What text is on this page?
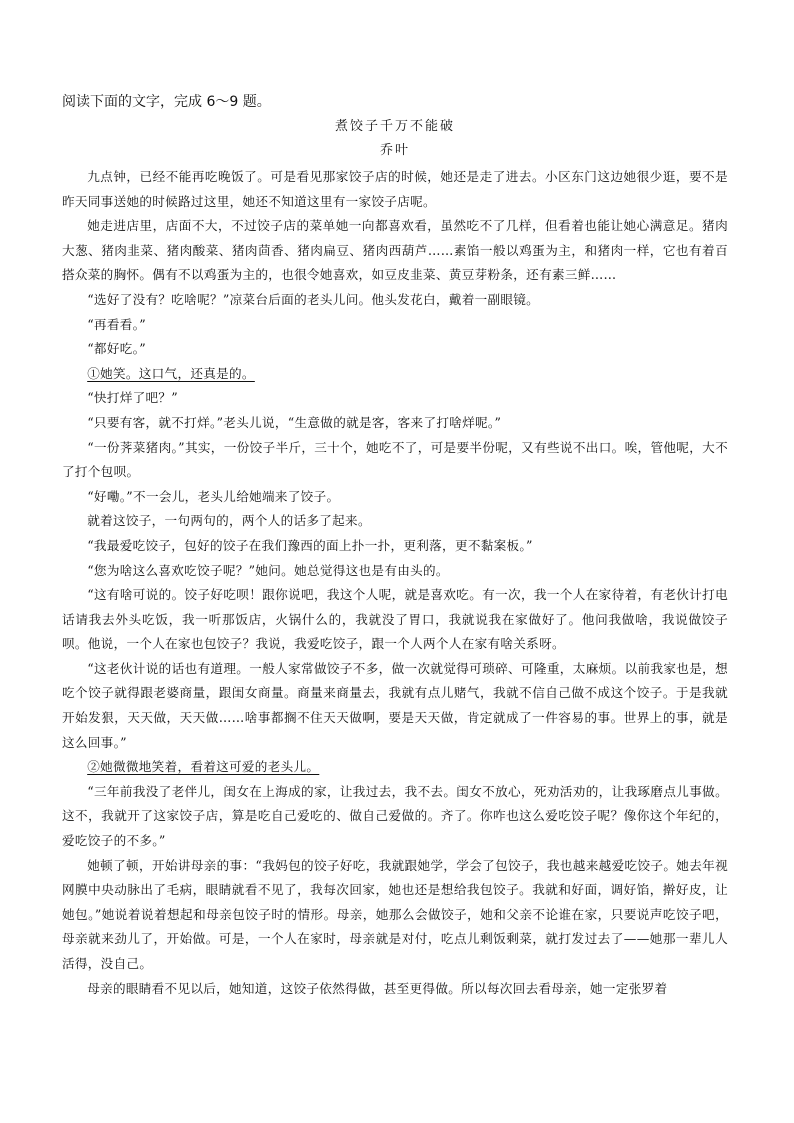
阅读下面的文字，完成 6～9 题。

煮饺子千万不能破

乔叶

九点钟，已经不能再吃晚饭了。可是看见那家饺子店的时候，她还是走了进去。小区东门这边她很少逛，要不是昨天同事送她的时候路过这里，她还不知道这里有一家饺子店呢。

她走进店里，店面不大，不过饺子店的菜单她一向都喜欢看，虽然吃不了几样，但看着也能让她心满意足。猪肉大葱、猪肉韭菜、猪肉酸菜、猪肉茴香、猪肉扁豆、猪肉西葫芦……素馅一般以鸡蛋为主，和猪肉一样，它也有着百搭众菜的胸怀。偶有不以鸡蛋为主的，也很令她喜欢，如豆皮韭菜、黄豆芽粉条，还有素三鲜……

“选好了没有？吃啥呢？”凉菜台后面的老头儿问。他头发花白，戴着一副眼镜。

“再看看。”

“都好吃。”

①她笑。这口气，还真是的。

“快打烊了吧？”

“只要有客，就不打烊。”老头儿说，“生意做的就是客，客来了打啥烊呢。”

“一份荠菜猪肉。”其实，一份饺子半斤，三十个，她吃不了，可是要半份呢，又有些说不出口。唉，管他呢，大不了打个包呗。

“好嘞。”不一会儿，老头儿给她端来了饺子。

就着这饺子，一句两句的，两个人的话多了起来。

“我最爱吃饺子，包好的饺子在我们豫西的面上扑一扑，更利落，更不黏案板。”

“您为啥这么喜欢吃饺子呢？”她问。她总觉得这也是有由头的。

“这有啥可说的。饺子好吃呗！跟你说吧，我这个人呢，就是喜欢吃。有一次，我一个人在家待着，有老伙计打电话请我去外头吃饭，我一听那饭店，火锅什么的，我就没了胃口，我就说我在家做好了。他问我做啥，我说做饺子呗。他说，一个人在家也包饺子？我说，我爱吃饺子，跟一个人两个人在家有啥关系呀。

“这老伙计说的话也有道理。一般人家常做饺子不多，做一次就觉得可琐碎、可隆重，太麻烦。以前我家也是，想吃个饺子就得跟老婆商量，跟闺女商量。商量来商量去，我就有点儿赌气，我就不信自己做不成这个饺子。于是我就开始发狠，天天做，天天做……啥事都搁不住天天做啊，要是天天做，肯定就成了一件容易的事。世界上的事，就是这么回事。”

②她微微地笑着，看着这可爱的老头儿。

“三年前我没了老伴儿，闺女在上海成的家，让我过去，我不去。闺女不放心，死劝活劝的，让我琢磨点儿事做。这不，我就开了这家饺子店，算是吃自己爱吃的、做自己爱做的。齐了。你咋也这么爱吃饺子呢？像你这个年纪的，爱吃饺子的不多。”

她顿了顿，开始讲母亲的事：“我妈包的饺子好吃，我就跟她学，学会了包饺子，我也越来越爱吃饺子。她去年视网膜中央动脉出了毛病，眼睛就看不见了，我每次回家，她也还是想给我包饺子。我就和好面，调好馅，擀好皮，让她包。”她说着说着想起和母亲包饺子时的情形。母亲，她那么会做饺子，她和父亲不论谁在家，只要说声吃饺子吧，母亲就来劲儿了，开始做。可是，一个人在家时，母亲就是对付，吃点儿剩饭剩菜，就打发过去了——她那一辈儿人活得，没自己。

母亲的眼睛看不见以后，她知道，这饺子依然得做，甚至更得做。所以每次回去看母亲，她一定张罗着
